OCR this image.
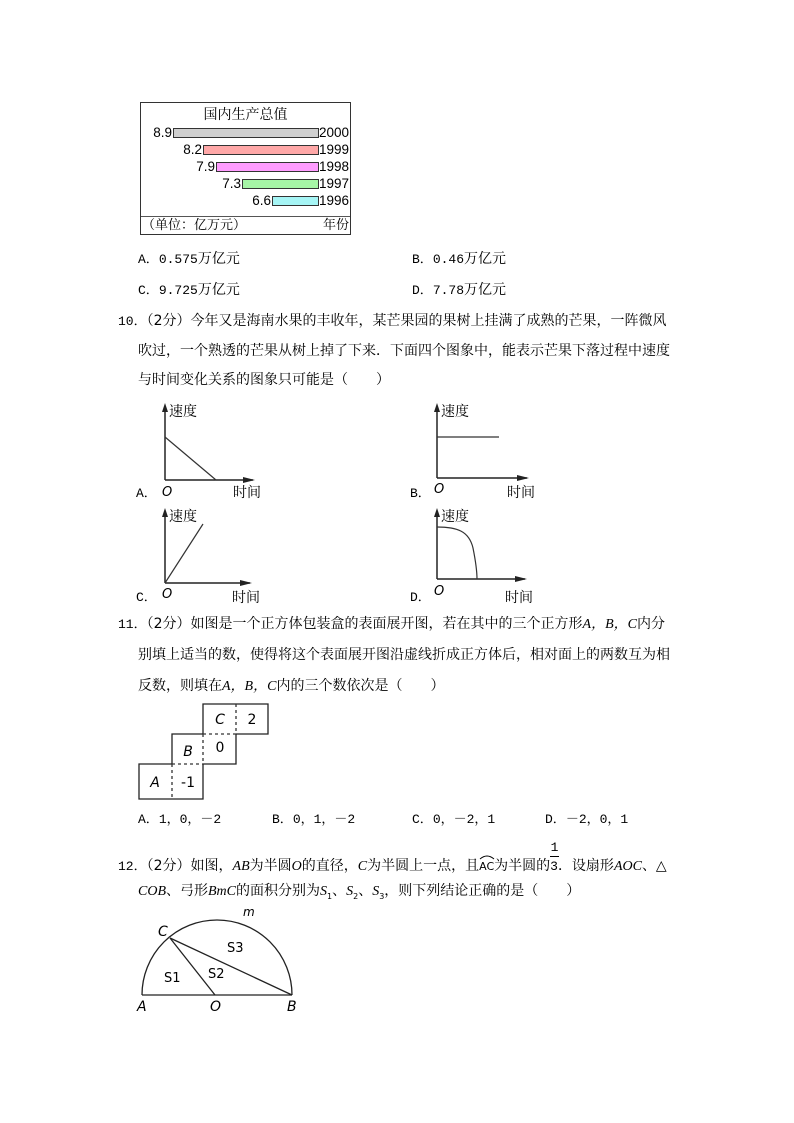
国内生产总值
8.9	2000
8.2	1999
7.9	1998
7.3	1997
6.6	1996
（单位：亿万元）	年份
A．0.575万亿元	B．0.46万亿元
C．9.725万亿元	D．7.78万亿元
10．（2分）今年又是海南水果的丰收年，某芒果园的果树上挂满了成熟的芒果，一阵微风
吹过，一个熟透的芒果从树上掉了下来．下面四个图象中，能表示芒果下落过程中速度
与时间变化关系的图象只可能是（　　）
A．
速度
O	时间	B．
速度
O	时间
C．
速度
O	时间	D．
速度
O	时间
11．（2分）如图是一个正方体包装盒的表面展开图，若在其中的三个正方形A，B，C内分
别填上适当的数，使得将这个表面展开图沿虚线折成正方体后，相对面上的两数互为相
反数，则填在A，B，C内的三个数依次是（　　）
C 2
B 0
A -1
A．1，0，－2	B．0，1，－2	C．0，－2，1	D．－2，0，1
1
12．（2分）如图，AB为半圆O的直径，C为半圆上一点，且AC为半圆的3．设扇形AOC、△
COB、弓形BmC的面积分别为$S_1$、$S_2$、$S_3$，则下列结论正确的是（　　）
C
m
A	O	B
S1 S2
S3
